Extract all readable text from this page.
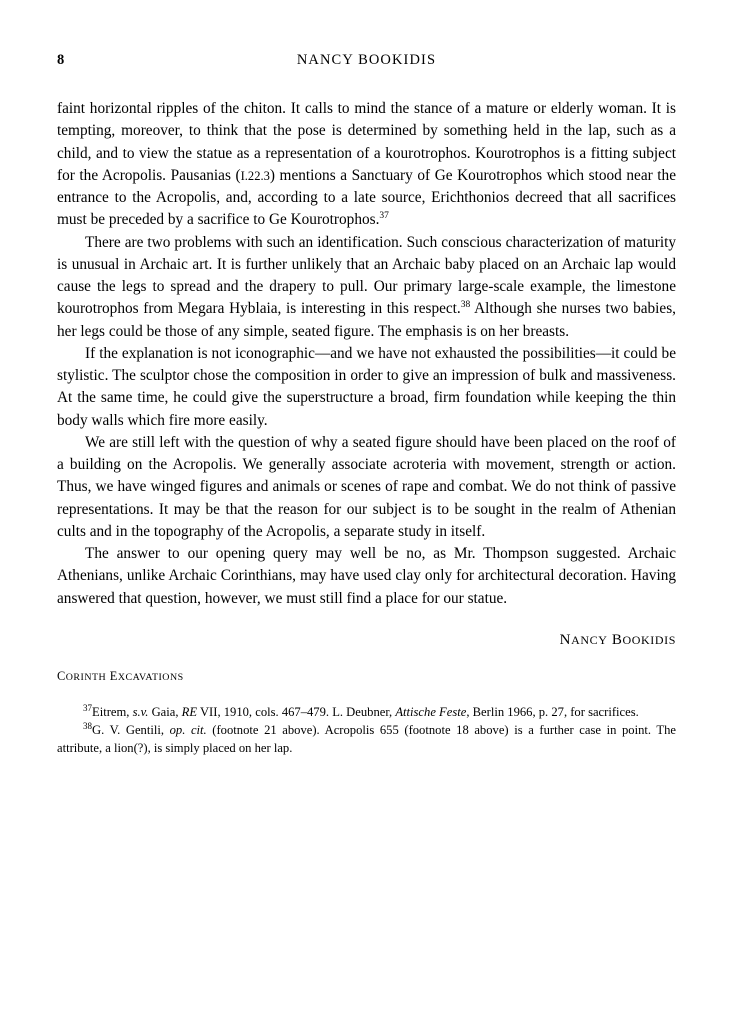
8	NANCY BOOKIDIS

faint horizontal ripples of the chiton. It calls to mind the stance of a mature or elderly woman. It is tempting, moreover, to think that the pose is determined by something held in the lap, such as a child, and to view the statue as a representation of a kourotrophos. Kourotrophos is a fitting subject for the Acropolis. Pausanias (I.22.3) mentions a Sanctuary of Ge Kourotrophos which stood near the entrance to the Acropolis, and, according to a late source, Erichthonios decreed that all sacrifices must be preceded by a sacrifice to Ge Kourotrophos.$^{37}$

There are two problems with such an identification. Such conscious characterization of maturity is unusual in Archaic art. It is further unlikely that an Archaic baby placed on an Archaic lap would cause the legs to spread and the drapery to pull. Our primary large-scale example, the limestone kourotrophos from Megara Hyblaia, is interesting in this respect.$^{38}$ Although she nurses two babies, her legs could be those of any simple, seated figure. The emphasis is on her breasts.

If the explanation is not iconographic—and we have not exhausted the possibilities—it could be stylistic. The sculptor chose the composition in order to give an impression of bulk and massiveness. At the same time, he could give the superstructure a broad, firm foundation while keeping the thin body walls which fire more easily.

We are still left with the question of why a seated figure should have been placed on the roof of a building on the Acropolis. We generally associate acroteria with movement, strength or action. Thus, we have winged figures and animals or scenes of rape and combat. We do not think of passive representations. It may be that the reason for our subject is to be sought in the realm of Athenian cults and in the topography of the Acropolis, a separate study in itself.

The answer to our opening query may well be no, as Mr. Thompson suggested. Archaic Athenians, unlike Archaic Corinthians, may have used clay only for architectural decoration. Having answered that question, however, we must still find a place for our statue.

NANCY BOOKIDIS
CORINTH EXCAVATIONS

$^{37}$Eitrem, s.v. Gaia, RE VII, 1910, cols. 467–479. L. Deubner, Attische Feste, Berlin 1966, p. 27, for sacrifices.

$^{38}$G. V. Gentili, op. cit. (footnote 21 above). Acropolis 655 (footnote 18 above) is a further case in point. The attribute, a lion(?), is simply placed on her lap.
